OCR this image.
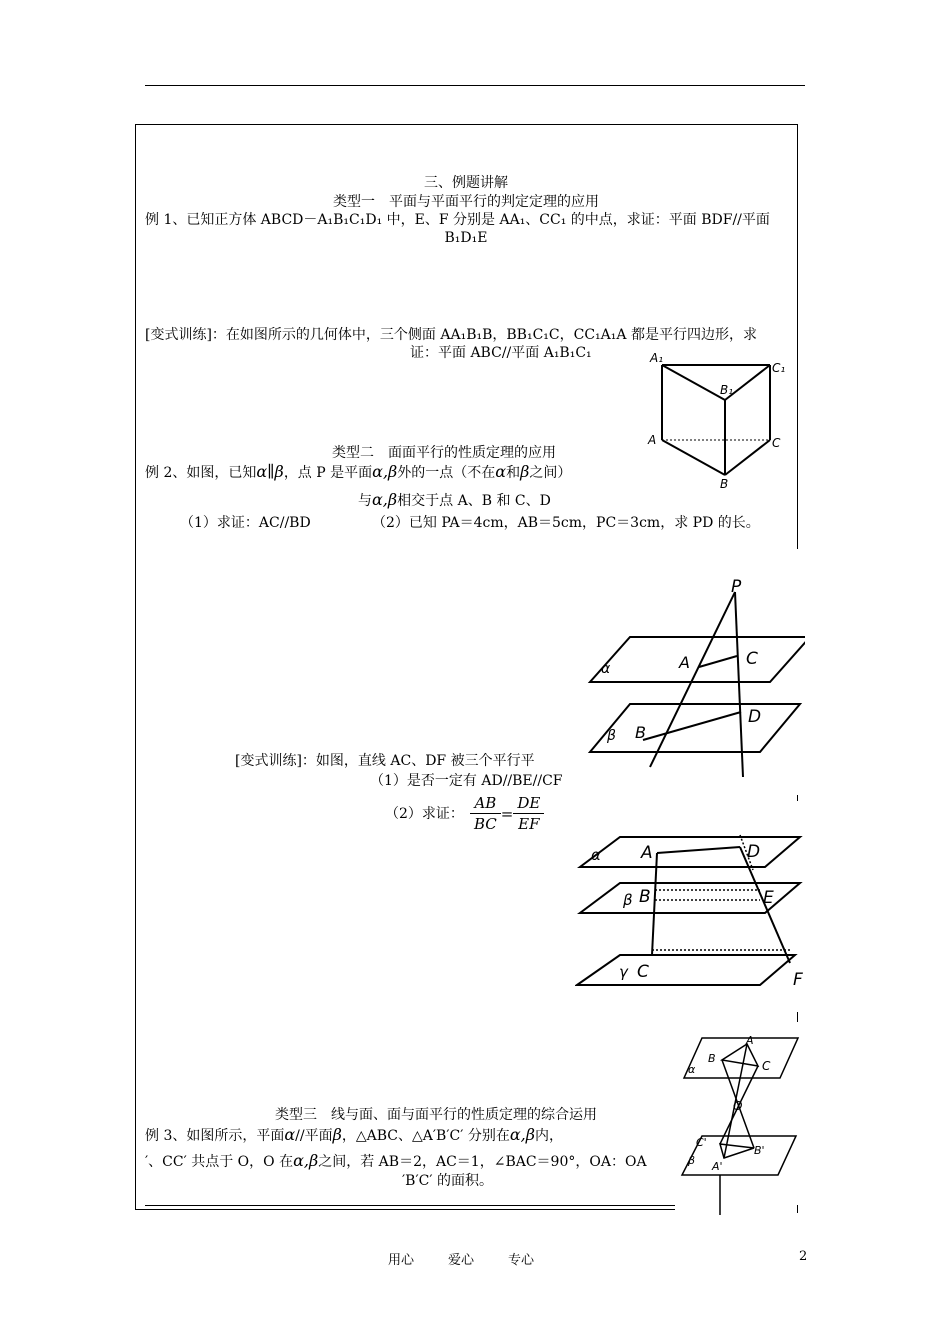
三、例题讲解
类型一　平面与平面平行的判定定理的应用
例 1、已知正方体 ABCD－A₁B₁C₁D₁ 中，E、F 分别是 AA₁、CC₁ 的中点，求证：平面 BDF//平面
B₁D₁E
[变式训练]：在如图所示的几何体中，三个侧面 AA₁B₁B，BB₁C₁C，CC₁A₁A 都是平行四边形，求
证：平面 ABC//平面 A₁B₁C₁	A₁
C₁
B₁
A	C
B
类型二　面面平行的性质定理的应用
例 2、如图，已知α∥β，点 P 是平面α,β外的一点（不在α和β之间）
与α,β相交于点 A、B 和 C、D
（1）求证：AC//BD	（2）已知 PA＝4cm，AB＝5cm，PC＝3cm，求 PD 的长。
P
α	A	C
β B
D
[变式训练]：如图，直线 AC、DF 被三个平行平
（1）是否一定有 AD//BE//CF
（2）求证：
AB
BC
=
DE
EF
α A	D
β B	E
γ C	F
A
B
C
α
O
C'
B'
β A'
类型三　线与面、面与面平行的性质定理的综合运用
例 3、如图所示，平面α//平面β，△ABC、△A′B′C′ 分别在α,β内，
′、CC′ 共点于 O，O 在α,β之间，若 AB＝2，AC＝1，∠BAC＝90°，OA：OA
′B′C′ 的面积。
用心	爱心	专心	2
